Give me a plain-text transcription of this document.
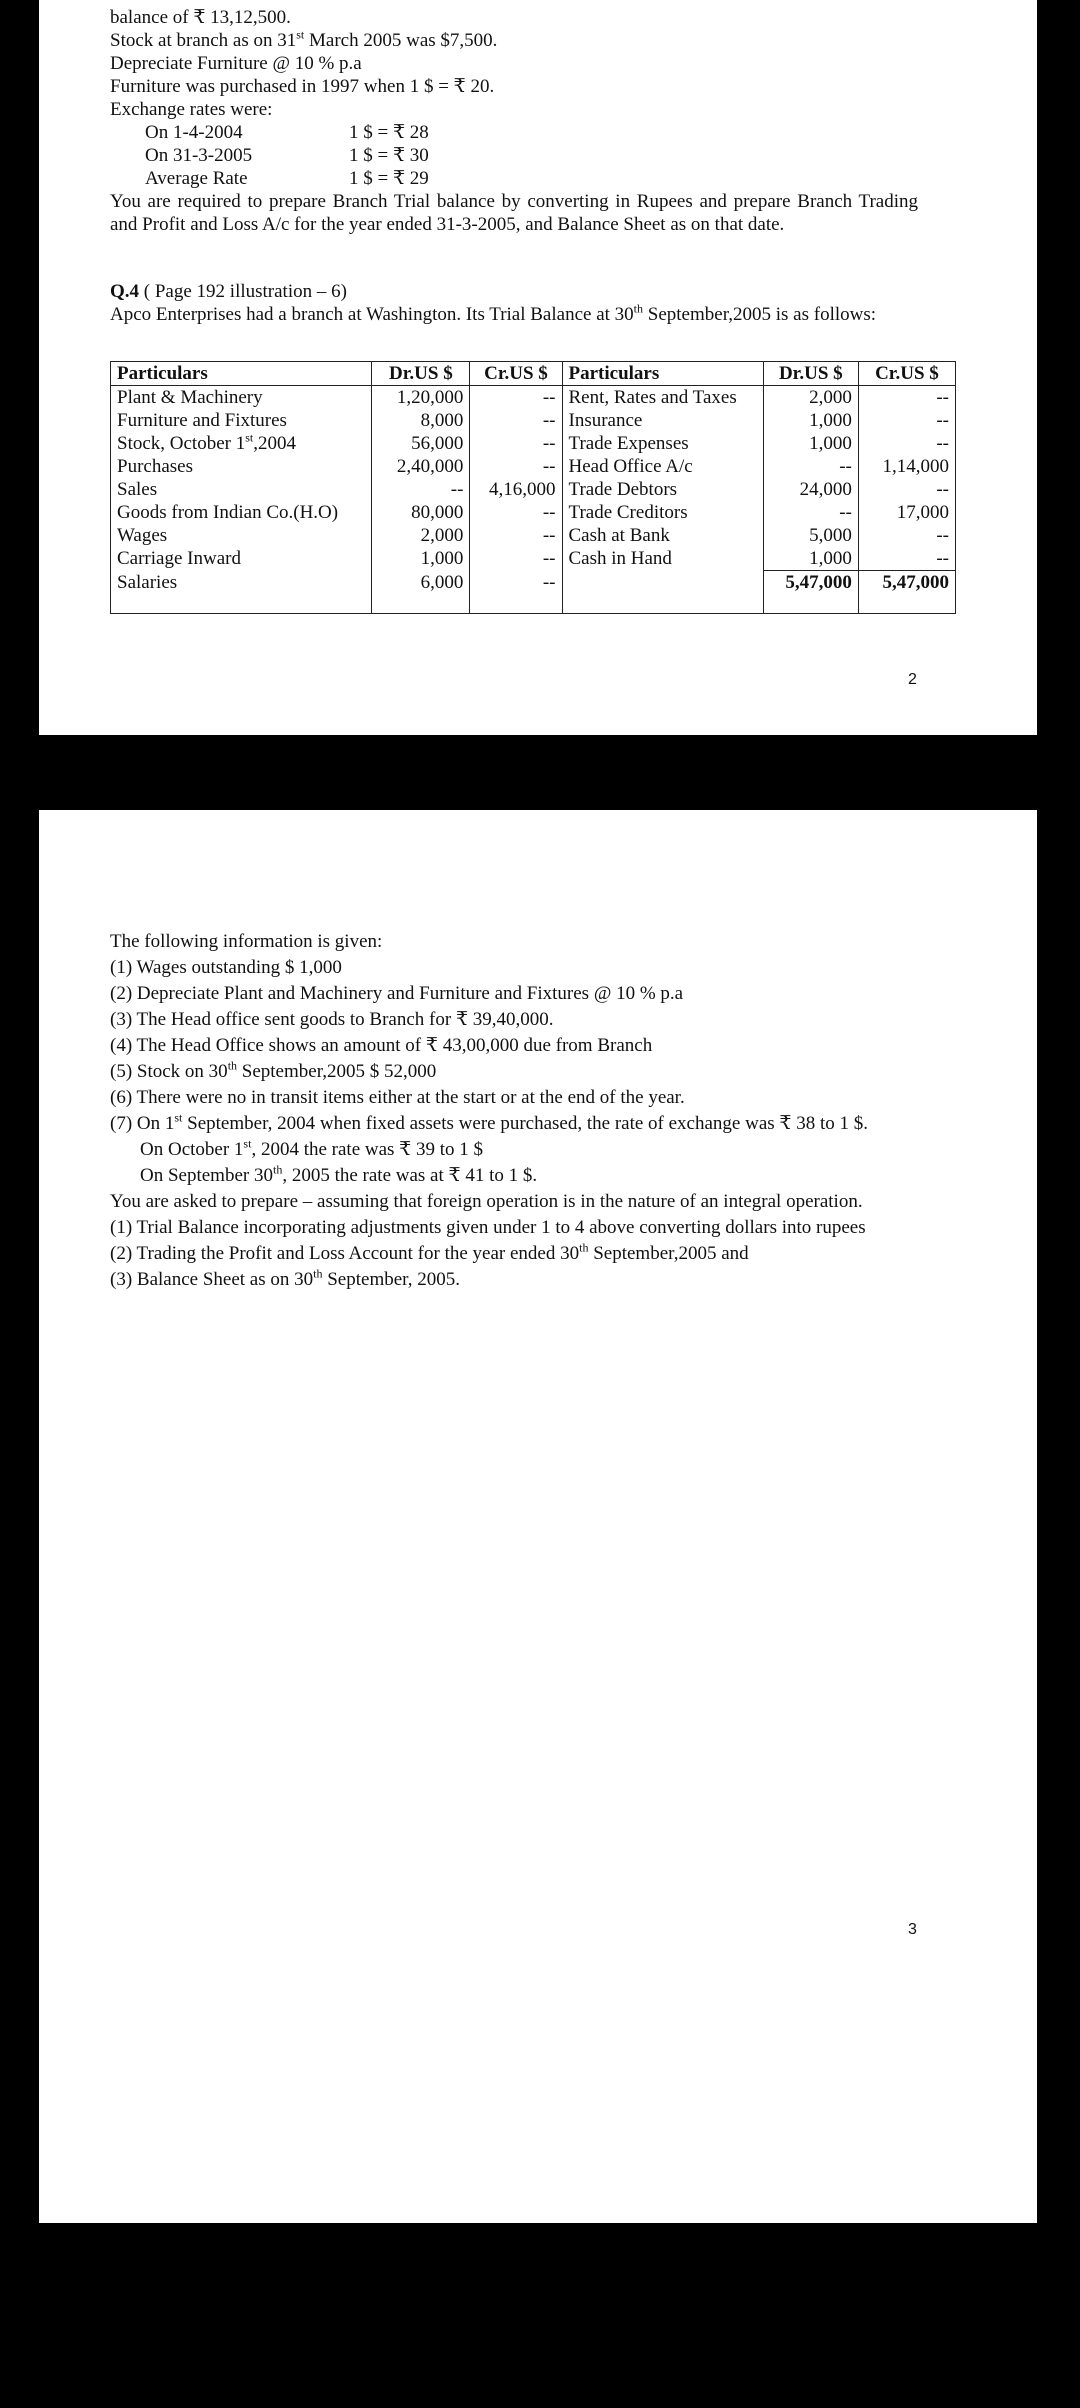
balance of ₹ 13,12,500.
Stock at branch as on 31st March 2005 was $7,500.
Depreciate Furniture @ 10 % p.a
Furniture was purchased in 1997 when 1 $ = ₹ 20.
Exchange rates were:
On 1-4-2004	1 $ = ₹ 28
On 31-3-2005	1 $ = ₹ 30
Average Rate	1 $ = ₹ 29
You are required to prepare Branch Trial balance by converting in Rupees and prepare Branch Trading and Profit and Loss A/c for the year ended 31-3-2005, and Balance Sheet as on that date.
Q.4 ( Page 192 illustration – 6)
Apco Enterprises had a branch at Washington. Its Trial Balance at 30th September,2005 is as follows:
Particulars	Dr.US $	Cr.US $	Particulars	Dr.US $	Cr.US $
Plant & Machinery	1,20,000	--	Rent, Rates and Taxes	2,000	--
Furniture and Fixtures	8,000	--	Insurance	1,000	--
Stock, October 1st,2004	56,000	--	Trade Expenses	1,000	--
Purchases	2,40,000	--	Head Office A/c	--	1,14,000
Sales	--	4,16,000	Trade Debtors	24,000	--
Goods from Indian Co.(H.O)	80,000	--	Trade Creditors	--	17,000
Wages	2,000	--	Cash at Bank	5,000	--
Carriage Inward	1,000	--	Cash in Hand	1,000	--
Salaries	6,000	--		5,47,000	5,47,000
2
The following information is given:
(1) Wages outstanding $ 1,000
(2) Depreciate Plant and Machinery and Furniture and Fixtures @ 10 % p.a
(3) The Head office sent goods to Branch for ₹ 39,40,000.
(4) The Head Office shows an amount of ₹ 43,00,000 due from Branch
(5) Stock on 30th September,2005 $ 52,000
(6) There were no in transit items either at the start or at the end of the year.
(7) On 1st September, 2004 when fixed assets were purchased, the rate of exchange was ₹ 38 to 1 $.
On October 1st, 2004 the rate was ₹ 39 to 1 $
On September 30th, 2005 the rate was at ₹ 41 to 1 $.
You are asked to prepare – assuming that foreign operation is in the nature of an integral operation.
(1) Trial Balance incorporating adjustments given under 1 to 4 above converting dollars into rupees
(2) Trading the Profit and Loss Account for the year ended 30th September,2005 and
(3) Balance Sheet as on 30th September, 2005.
3
